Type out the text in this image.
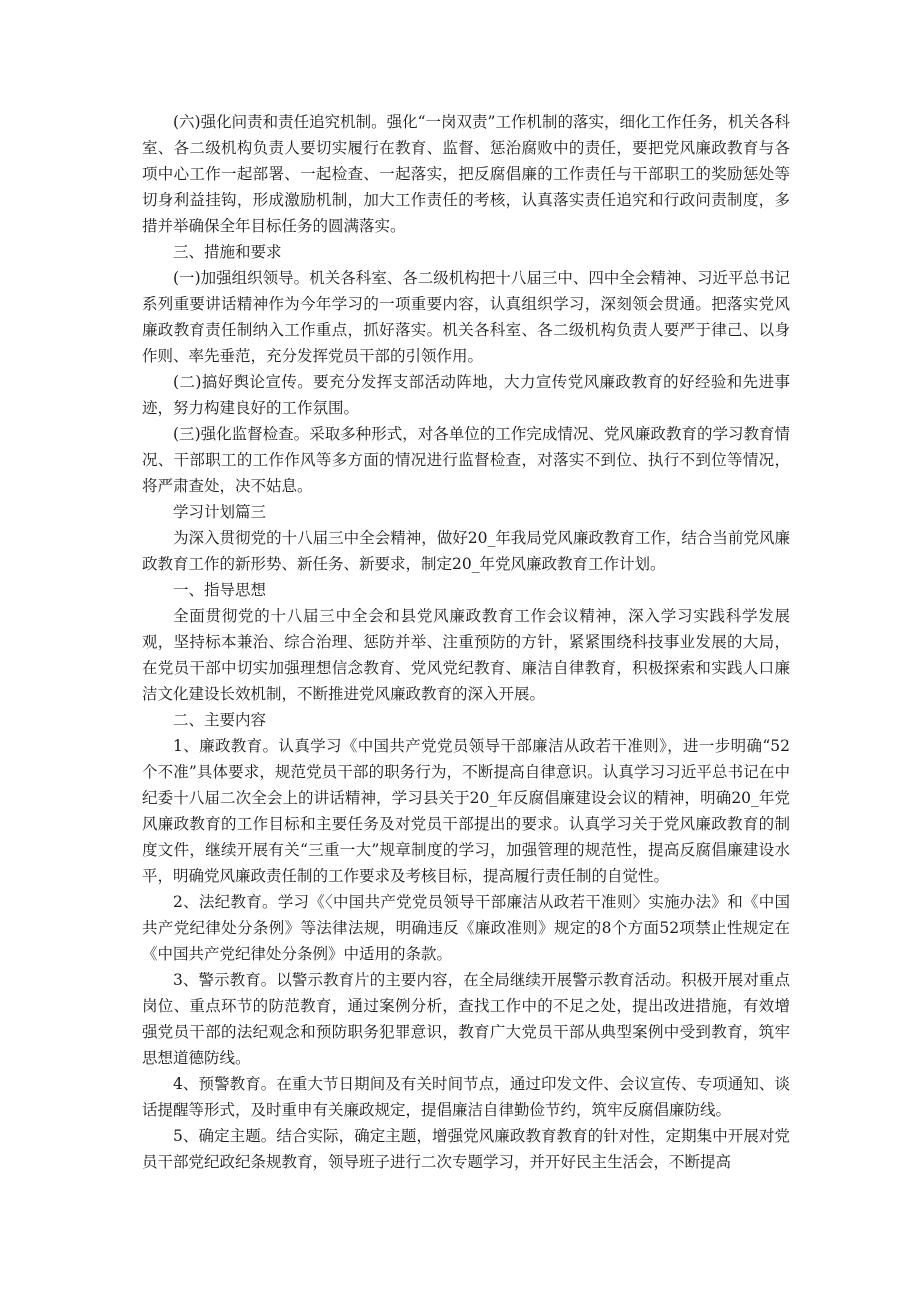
(六)强化问责和责任追究机制。强化“一岗双责”工作机制的落实，细化工作任务，机关各科室、各二级机构负责人要切实履行在教育、监督、惩治腐败中的责任，要把党风廉政教育与各项中心工作一起部署、一起检查、一起落实，把反腐倡廉的工作责任与干部职工的奖励惩处等切身利益挂钩，形成激励机制，加大工作责任的考核，认真落实责任追究和行政问责制度，多措并举确保全年目标任务的圆满落实。

三、措施和要求

(一)加强组织领导。机关各科室、各二级机构把十八届三中、四中全会精神、习近平总书记系列重要讲话精神作为今年学习的一项重要内容，认真组织学习，深刻领会贯通。把落实党风廉政教育责任制纳入工作重点，抓好落实。机关各科室、各二级机构负责人要严于律己、以身作则、率先垂范，充分发挥党员干部的引领作用。

(二)搞好舆论宣传。要充分发挥支部活动阵地，大力宣传党风廉政教育的好经验和先进事迹，努力构建良好的工作氛围。

(三)强化监督检查。采取多种形式，对各单位的工作完成情况、党风廉政教育的学习教育情况、干部职工的工作作风等多方面的情况进行监督检查，对落实不到位、执行不到位等情况，将严肃查处，决不姑息。

学习计划篇三

为深入贯彻党的十八届三中全会精神，做好20_年我局党风廉政教育工作，结合当前党风廉政教育工作的新形势、新任务、新要求，制定20_年党风廉政教育工作计划。

一、指导思想

全面贯彻党的十八届三中全会和县党风廉政教育工作会议精神，深入学习实践科学发展观，坚持标本兼治、综合治理、惩防并举、注重预防的方针，紧紧围绕科技事业发展的大局，在党员干部中切实加强理想信念教育、党风党纪教育、廉洁自律教育，积极探索和实践人口廉洁文化建设长效机制，不断推进党风廉政教育的深入开展。

二、主要内容

1、廉政教育。认真学习《中国共产党党员领导干部廉洁从政若干准则》，进一步明确“52个不准”具体要求，规范党员干部的职务行为，不断提高自律意识。认真学习习近平总书记在中纪委十八届二次全会上的讲话精神，学习县关于20_年反腐倡廉建设会议的精神，明确20_年党风廉政教育的工作目标和主要任务及对党员干部提出的要求。认真学习关于党风廉政教育的制度文件，继续开展有关“三重一大”规章制度的学习，加强管理的规范性，提高反腐倡廉建设水平，明确党风廉政责任制的工作要求及考核目标，提高履行责任制的自觉性。

2、法纪教育。学习《〈中国共产党党员领导干部廉洁从政若干准则〉实施办法》和《中国共产党纪律处分条例》等法律法规，明确违反《廉政准则》规定的8个方面52项禁止性规定在《中国共产党纪律处分条例》中适用的条款。

3、警示教育。以警示教育片的主要内容，在全局继续开展警示教育活动。积极开展对重点岗位、重点环节的防范教育，通过案例分析，查找工作中的不足之处，提出改进措施，有效增强党员干部的法纪观念和预防职务犯罪意识，教育广大党员干部从典型案例中受到教育，筑牢思想道德防线。

4、预警教育。在重大节日期间及有关时间节点，通过印发文件、会议宣传、专项通知、谈话提醒等形式，及时重申有关廉政规定，提倡廉洁自律勤俭节约，筑牢反腐倡廉防线。

5、确定主题。结合实际，确定主题，增强党风廉政教育教育的针对性，定期集中开展对党员干部党纪政纪条规教育，领导班子进行二次专题学习，并开好民主生活会，不断提高
